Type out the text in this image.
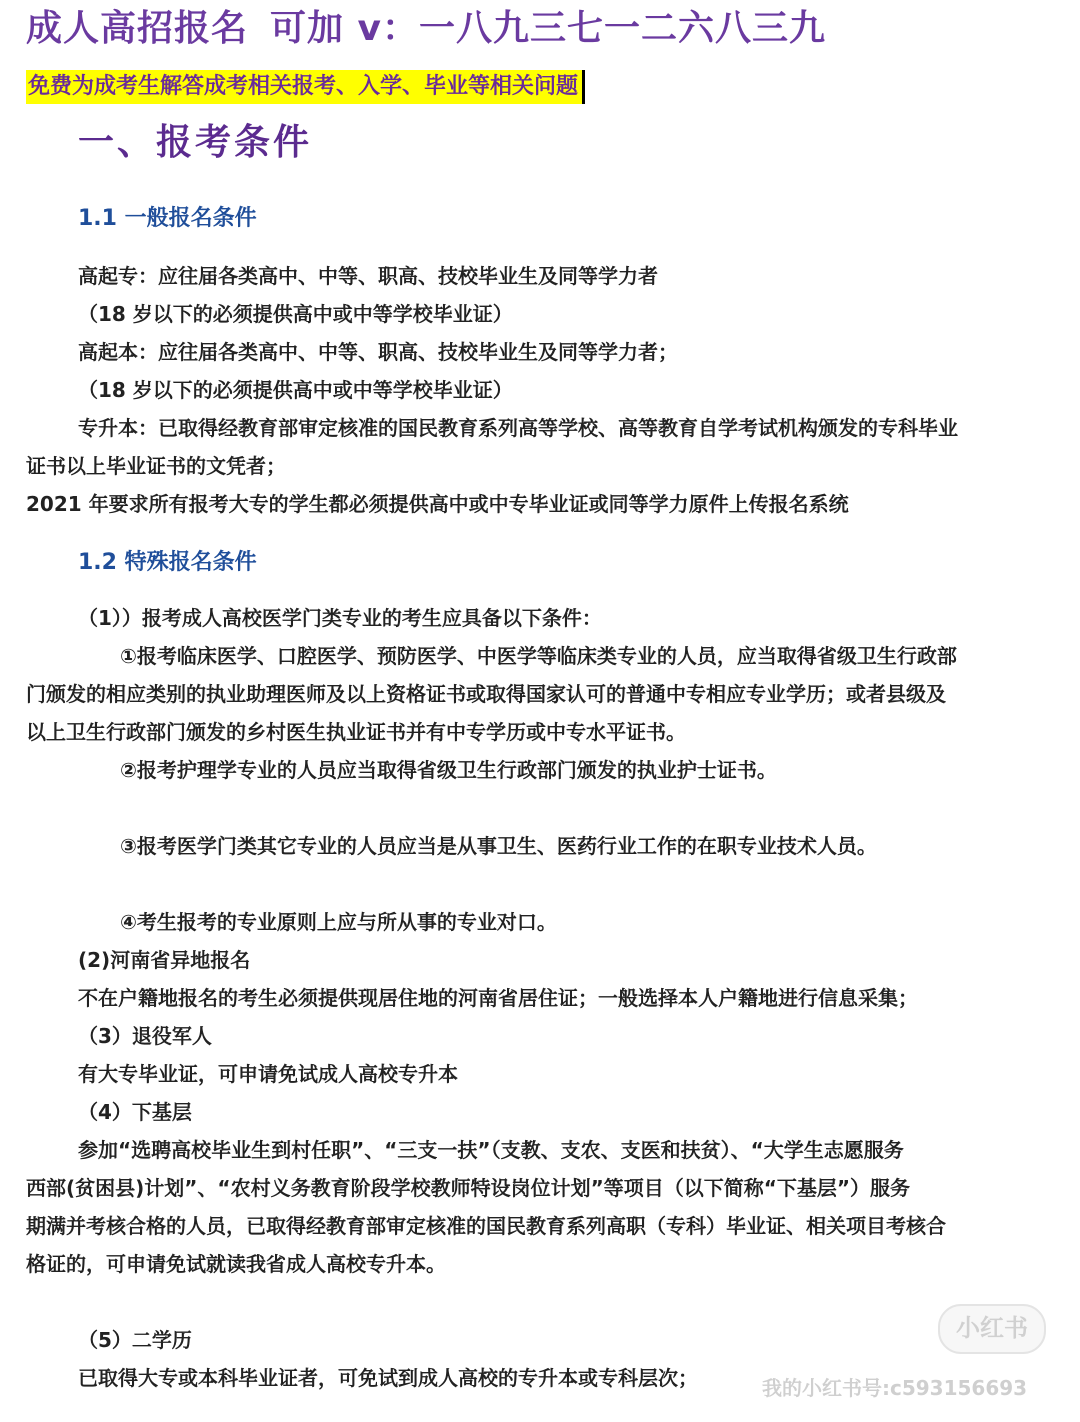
成人高招报名 可加 v：一八九三七一二六八三九
免费为成考生解答成考相关报考、入学、毕业等相关问题
一、报考条件
1.1 一般报名条件
高起专：应往届各类高中、中等、职高、技校毕业生及同等学力者
（18 岁以下的必须提供高中或中等学校毕业证）
高起本：应往届各类高中、中等、职高、技校毕业生及同等学力者；
（18 岁以下的必须提供高中或中等学校毕业证）
专升本：已取得经教育部审定核准的国民教育系列高等学校、高等教育自学考试机构颁发的专科毕业
证书以上毕业证书的文凭者；
2021 年要求所有报考大专的学生都必须提供高中或中专毕业证或同等学力原件上传报名系统
1.2 特殊报名条件
（1））报考成人高校医学门类专业的考生应具备以下条件：
①报考临床医学、口腔医学、预防医学、中医学等临床类专业的人员，应当取得省级卫生行政部
门颁发的相应类别的执业助理医师及以上资格证书或取得国家认可的普通中专相应专业学历；或者县级及
以上卫生行政部门颁发的乡村医生执业证书并有中专学历或中专水平证书。
②报考护理学专业的人员应当取得省级卫生行政部门颁发的执业护士证书。
③报考医学门类其它专业的人员应当是从事卫生、医药行业工作的在职专业技术人员。
④考生报考的专业原则上应与所从事的专业对口。
(2)河南省异地报名
不在户籍地报名的考生必须提供现居住地的河南省居住证；一般选择本人户籍地进行信息采集；
（3）退役军人
有大专毕业证，可申请免试成人高校专升本
（4）下基层
参加“选聘高校毕业生到村任职”、“三支一扶”（支教、支农、支医和扶贫）、“大学生志愿服务
西部(贫困县)计划”、“农村义务教育阶段学校教师特设岗位计划”等项目（以下简称“下基层”）服务
期满并考核合格的人员，已取得经教育部审定核准的国民教育系列高职（专科）毕业证、相关项目考核合
格证的，可申请免试就读我省成人高校专升本。
（5）二学历
已取得大专或本科毕业证者，可免试到成人高校的专升本或专科层次；
小红书
我的小红书号:c593156693
